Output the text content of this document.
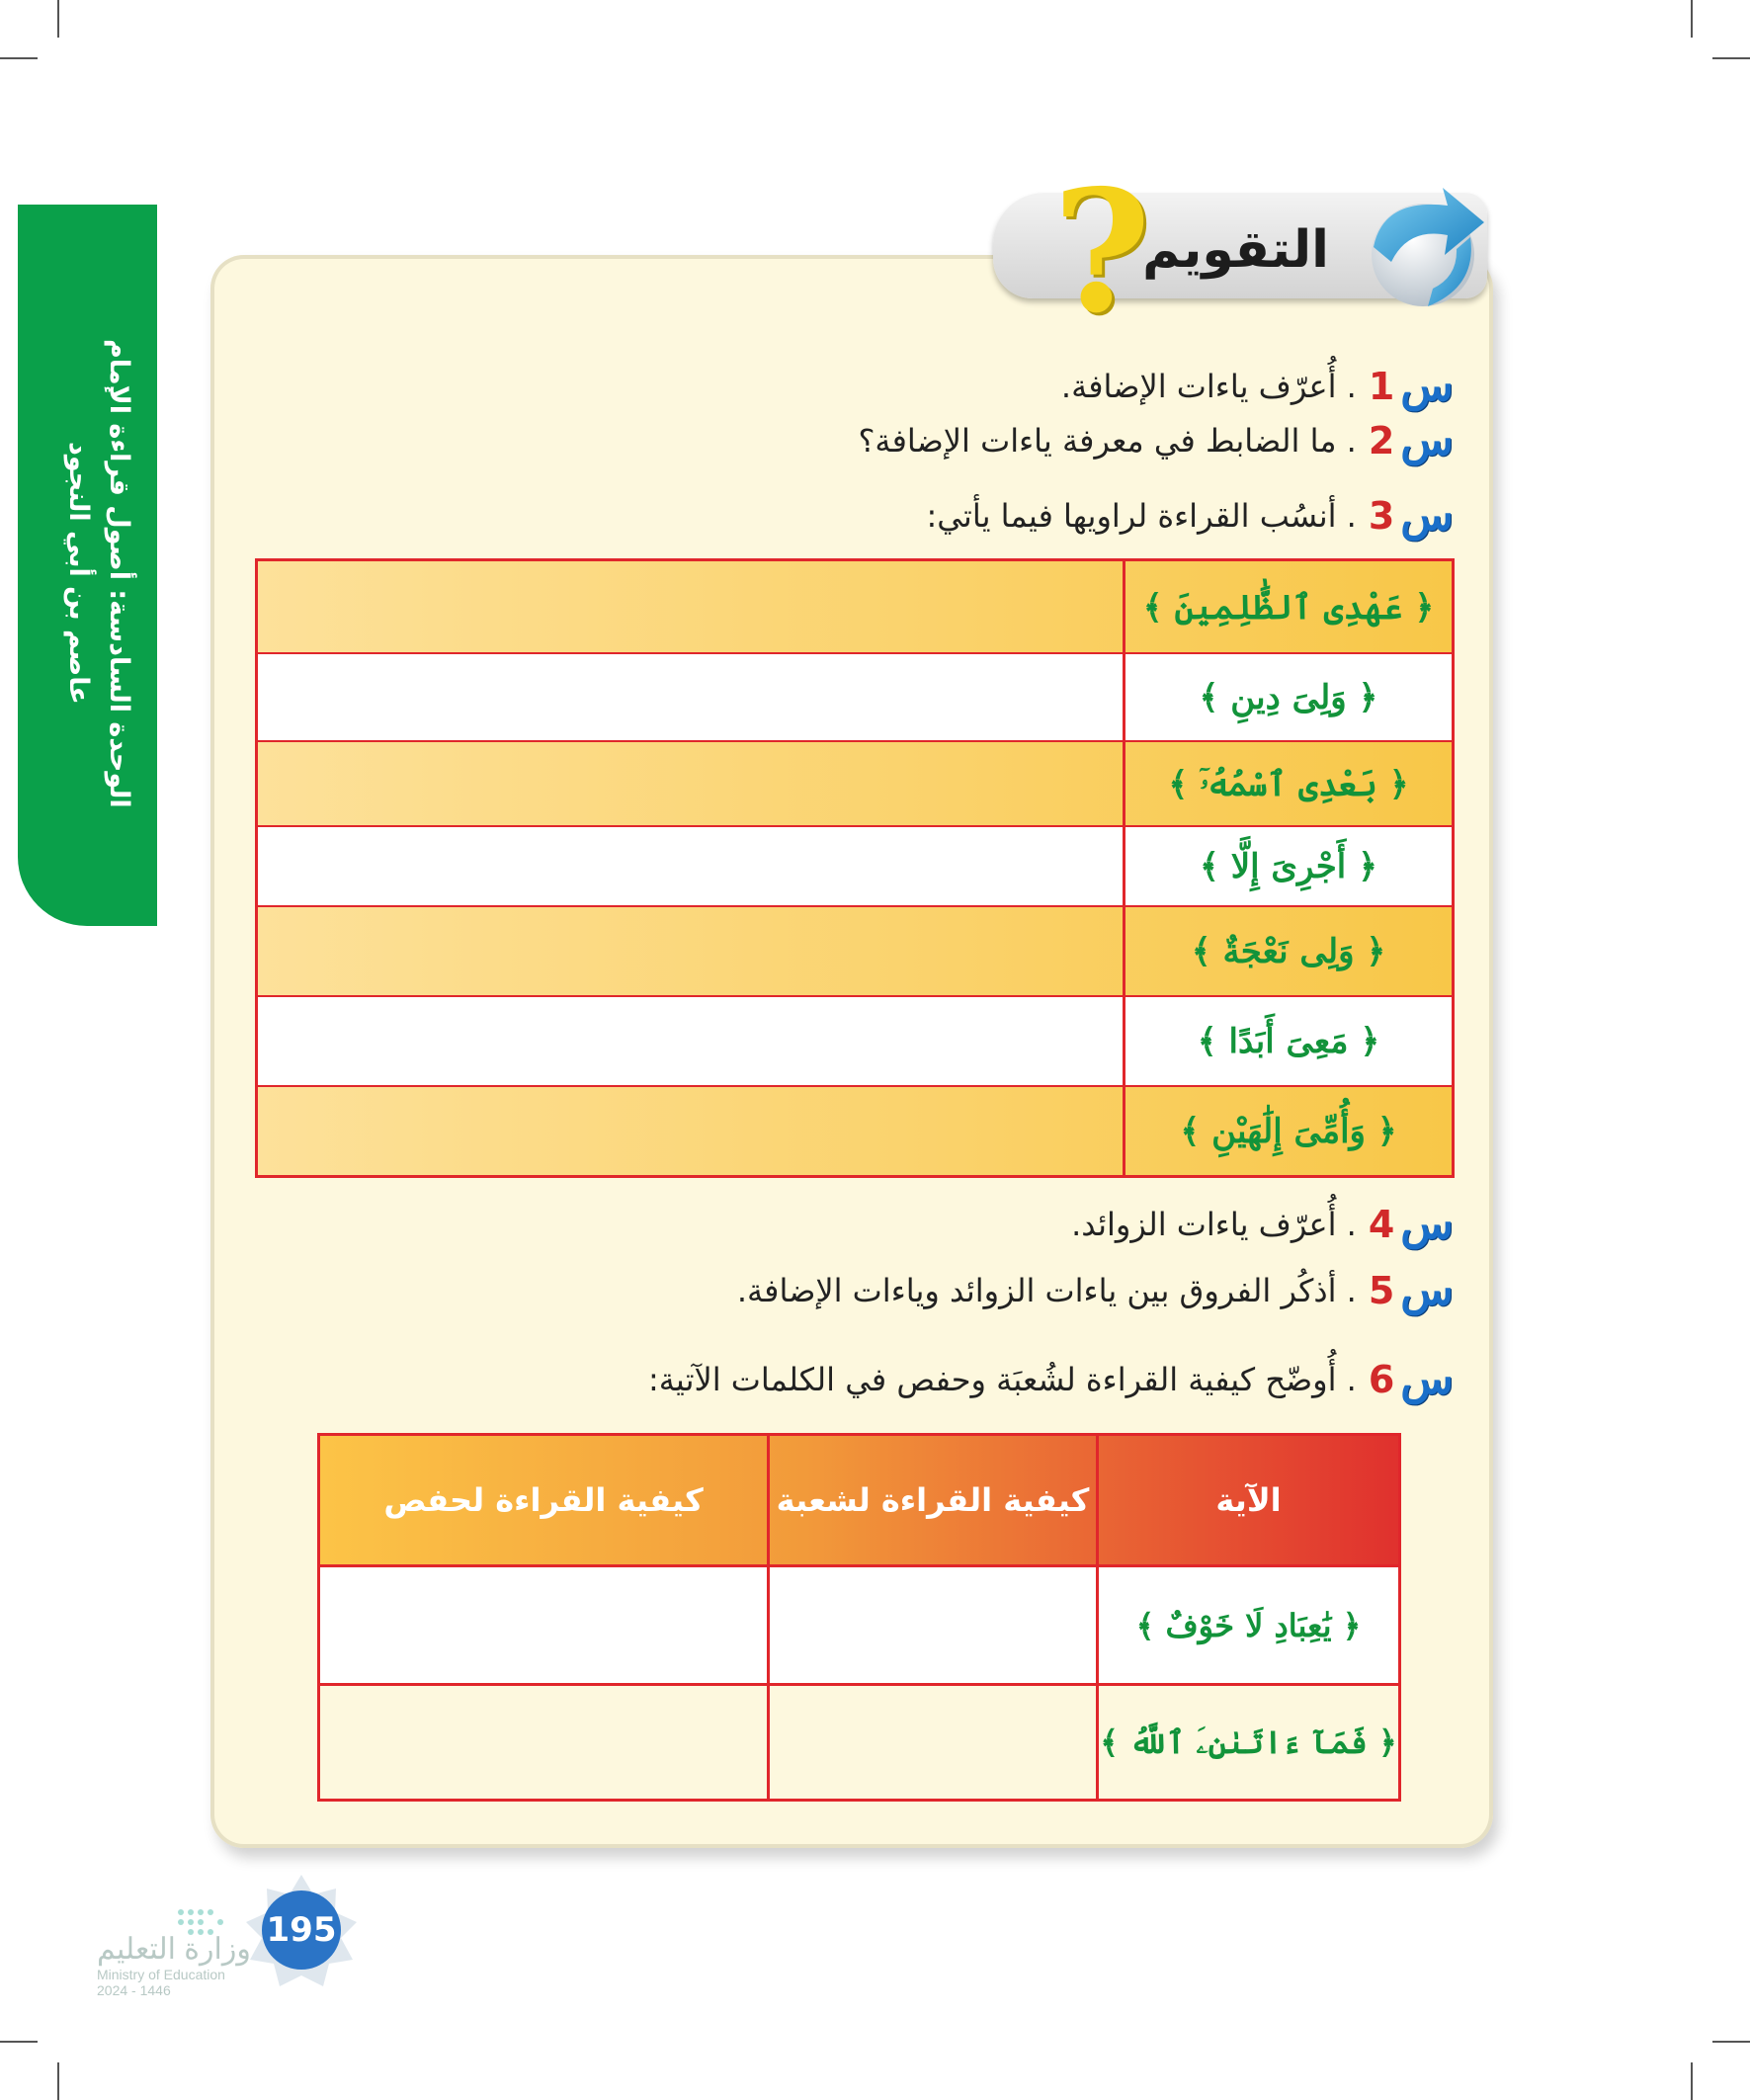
الوحدة السادسة: أصول قراءة الإمام
عاصم بن أبي النجود
?
التقويم
س
1
. أُعرّف ياءات الإضافة.
س
2
. ما الضابط في معرفة ياءات الإضافة؟
س
3
. أنسُب القراءة لراويها فيما يأتي:
﴿ عَهْدِى ٱلظَّٰلِمِينَ ﴾
﴿ وَلِىَ دِينِ ﴾
﴿ بَعْدِى ٱسْمُهُۥٓ ﴾
﴿ أَجْرِىَ إِلَّا ﴾
﴿ وَلِى نَعْجَةٌ ﴾
﴿ مَعِىَ أَبَدًا ﴾
﴿ وَأُمِّىَ إِلَٰهَيْنِ ﴾
س
4
. أُعرّف ياءات الزوائد.
س
5
. أذكُر الفروق بين ياءات الزوائد وياءات الإضافة.
س
6
. أُوضّح كيفية القراءة لشُعبَة وحفص في الكلمات الآتية:
الآية
كيفية القراءة لشعبة
كيفية القراءة لحفص
﴿ يَٰعِبَادِ لَا خَوْفٌ ﴾
﴿ فَمَآ ءَاتَىٰنِۦَ ٱللَّهُ ﴾
195
وزارة التعليم
Ministry of Education
2024 - 1446
